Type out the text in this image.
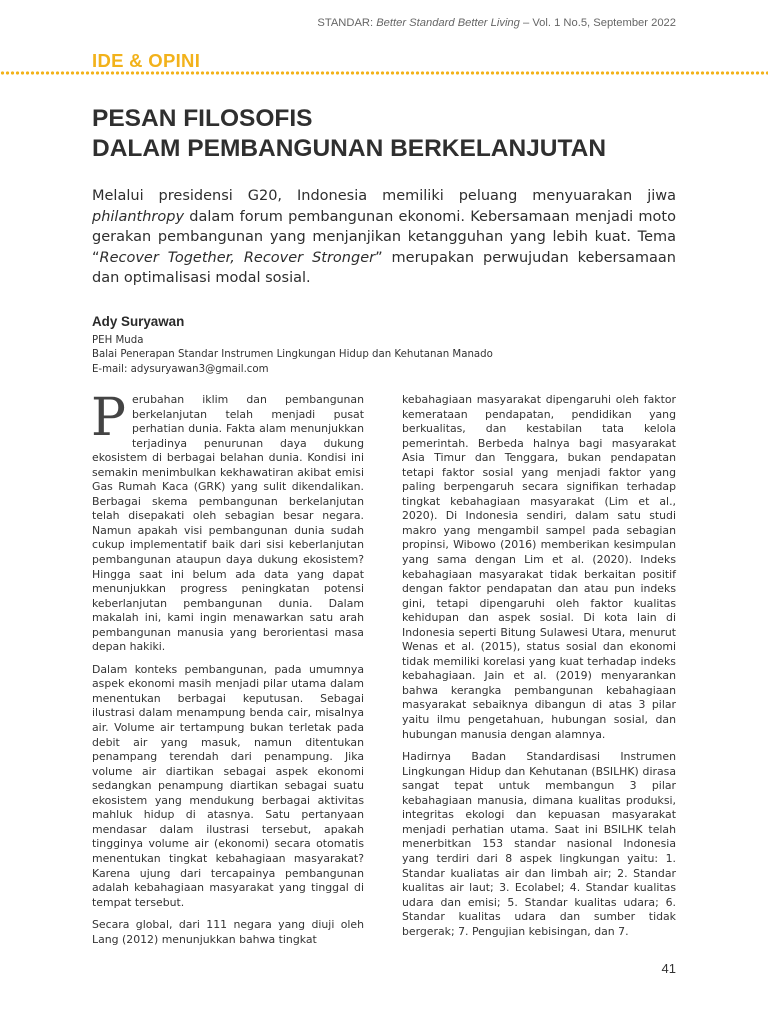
STANDAR: Better Standard Better Living – Vol. 1 No.5, September 2022
IDE & OPINI
PESAN FILOSOFIS
DALAM PEMBANGUNAN BERKELANJUTAN

Melalui presidensi G20, Indonesia memiliki peluang menyuarakan jiwa philanthropy dalam forum pembangunan ekonomi. Kebersamaan menjadi moto gerakan pembangunan yang menjanjikan ketangguhan yang lebih kuat. Tema “Recover Together, Recover Stronger” merupakan perwujudan kebersamaan dan optimalisasi modal sosial.

Ady Suryawan
PEH Muda
Balai Penerapan Standar Instrumen Lingkungan Hidup dan Kehutanan Manado
E-mail: adysuryawan3@gmail.com

Perubahan iklim dan pembangunan berkelanjutan telah menjadi pusat perhatian dunia. Fakta alam menunjukkan terjadinya penurunan daya dukung ekosistem di berbagai belahan dunia. Kondisi ini semakin menimbulkan kekhawatiran akibat emisi Gas Rumah Kaca (GRK) yang sulit dikendalikan. Berbagai skema pembangunan berkelanjutan telah disepakati oleh sebagian besar negara. Namun apakah visi pembangunan dunia sudah cukup implementatif baik dari sisi keberlanjutan pembangunan ataupun daya dukung ekosistem? Hingga saat ini belum ada data yang dapat menunjukkan progress peningkatan potensi keberlanjutan pembangunan dunia. Dalam makalah ini, kami ingin menawarkan satu arah pembangunan manusia yang berorientasi masa depan hakiki.

Dalam konteks pembangunan, pada umumnya aspek ekonomi masih menjadi pilar utama dalam menentukan berbagai keputusan. Sebagai ilustrasi dalam menampung benda cair, misalnya air. Volume air tertampung bukan terletak pada debit air yang masuk, namun ditentukan penampang terendah dari penampung. Jika volume air diartikan sebagai aspek ekonomi sedangkan penampung diartikan sebagai suatu ekosistem yang mendukung berbagai aktivitas mahluk hidup di atasnya. Satu pertanyaan mendasar dalam ilustrasi tersebut, apakah tingginya volume air (ekonomi) secara otomatis menentukan tingkat kebahagiaan masyarakat? Karena ujung dari tercapainya pembangunan adalah kebahagiaan masyarakat yang tinggal di tempat tersebut.

Secara global, dari 111 negara yang diuji oleh Lang (2012) menunjukkan bahwa tingkat

kebahagiaan masyarakat dipengaruhi oleh faktor kemerataan pendapatan, pendidikan yang berkualitas, dan kestabilan tata kelola pemerintah. Berbeda halnya bagi masyarakat Asia Timur dan Tenggara, bukan pendapatan tetapi faktor sosial yang menjadi faktor yang paling berpengaruh secara signifikan terhadap tingkat kebahagiaan masyarakat (Lim et al., 2020). Di Indonesia sendiri, dalam satu studi makro yang mengambil sampel pada sebagian propinsi, Wibowo (2016) memberikan kesimpulan yang sama dengan Lim et al. (2020). Indeks kebahagiaan masyarakat tidak berkaitan positif dengan faktor pendapatan dan atau pun indeks gini, tetapi dipengaruhi oleh faktor kualitas kehidupan dan aspek sosial. Di kota lain di Indonesia seperti Bitung Sulawesi Utara, menurut Wenas et al. (2015), status sosial dan ekonomi tidak memiliki korelasi yang kuat terhadap indeks kebahagiaan. Jain et al. (2019) menyarankan bahwa kerangka pembangunan kebahagiaan masyarakat sebaiknya dibangun di atas 3 pilar yaitu ilmu pengetahuan, hubungan sosial, dan hubungan manusia dengan alamnya.

Hadirnya Badan Standardisasi Instrumen Lingkungan Hidup dan Kehutanan (BSILHK) dirasa sangat tepat untuk membangun 3 pilar kebahagiaan manusia, dimana kualitas produksi, integritas ekologi dan kepuasan masyarakat menjadi perhatian utama. Saat ini BSILHK telah menerbitkan 153 standar nasional Indonesia yang terdiri dari 8 aspek lingkungan yaitu: 1. Standar kualiatas air dan limbah air; 2. Standar kualitas air laut; 3. Ecolabel; 4. Standar kualitas udara dan emisi; 5. Standar kualitas udara; 6. Standar kualitas udara dan sumber tidak bergerak; 7. Pengujian kebisingan, dan 7.

41
